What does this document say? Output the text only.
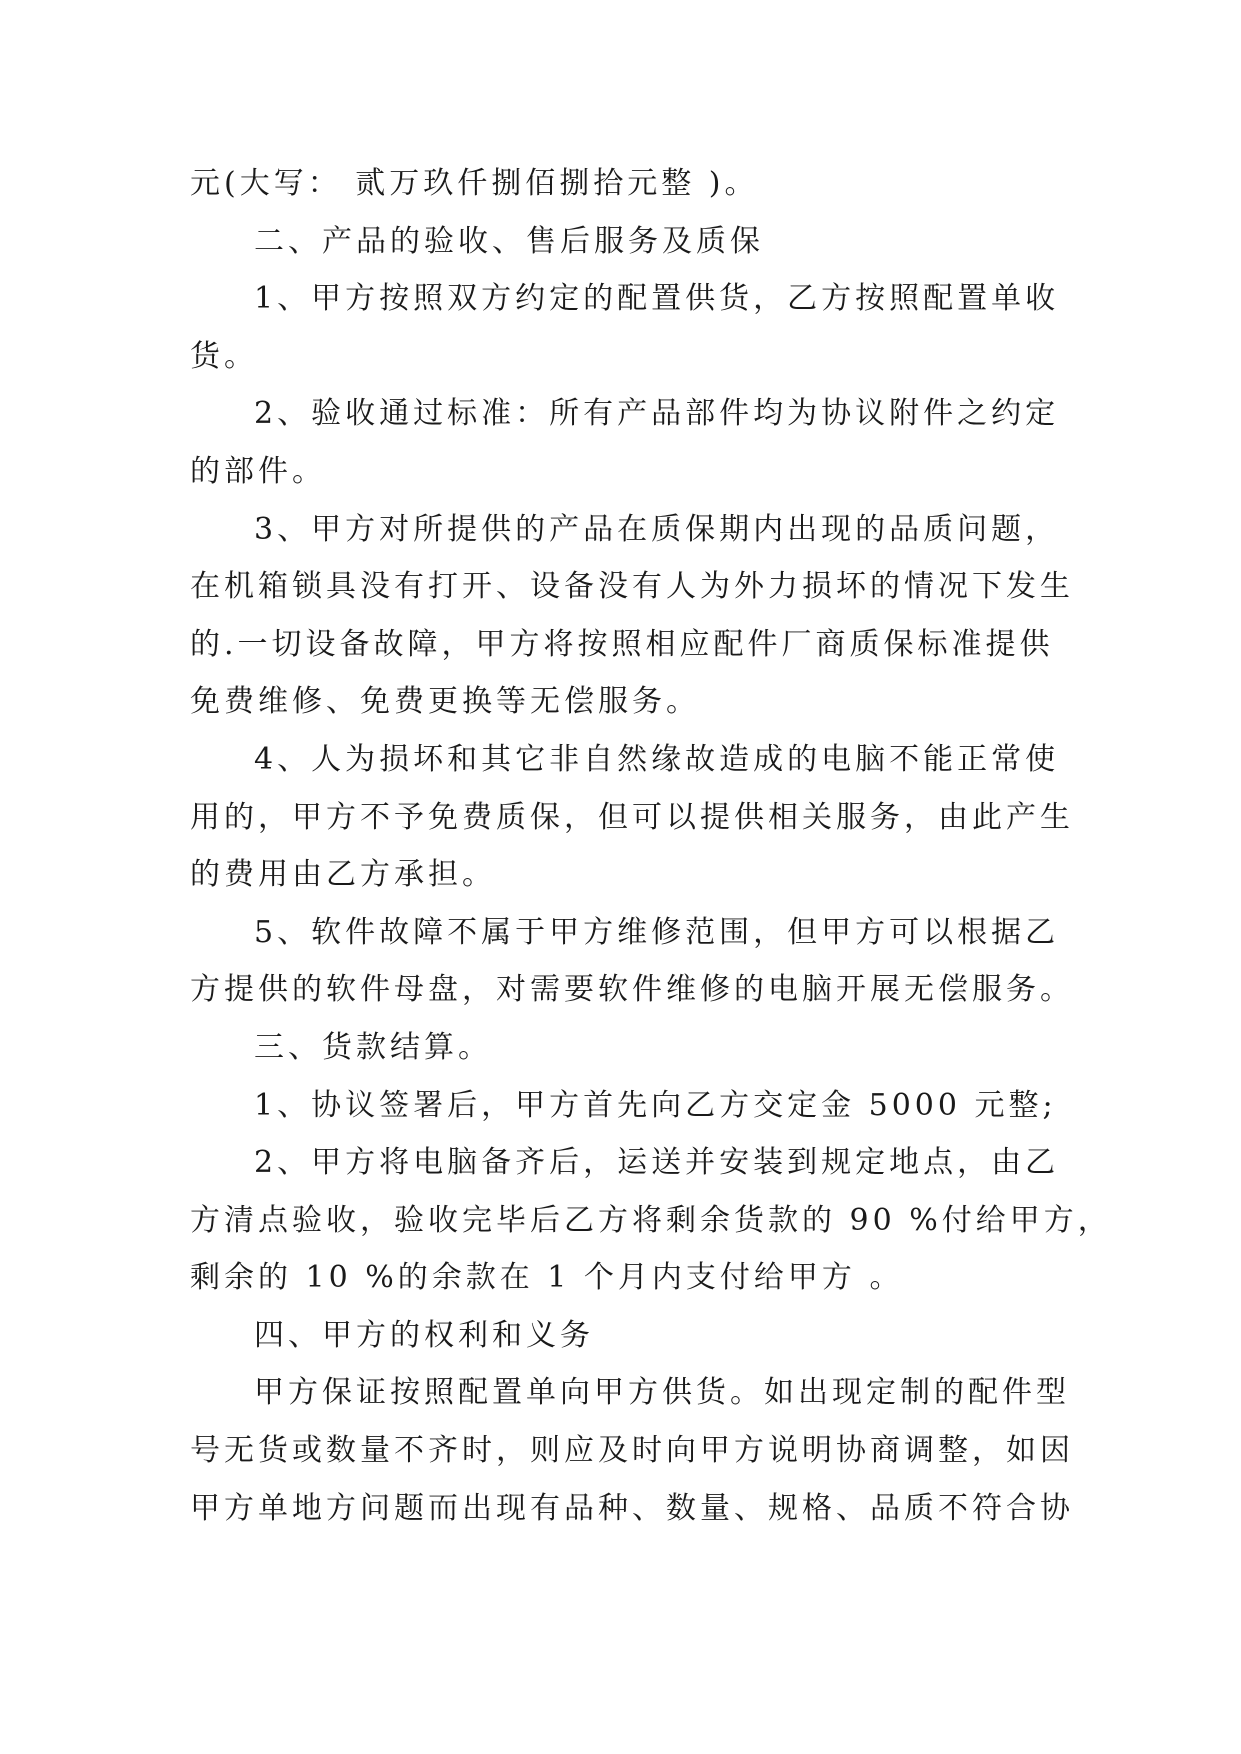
元(大写： 贰万玖仟捌佰捌拾元整 )。
二、产品的验收、售后服务及质保
1、甲方按照双方约定的配置供货，乙方按照配置单收
货。
2、验收通过标准：所有产品部件均为协议附件之约定
的部件。
3、甲方对所提供的产品在质保期内出现的品质问题，
在机箱锁具没有打开、设备没有人为外力损坏的情况下发生
的.一切设备故障，甲方将按照相应配件厂商质保标准提供
免费维修、免费更换等无偿服务。
4、人为损坏和其它非自然缘故造成的电脑不能正常使
用的，甲方不予免费质保，但可以提供相关服务，由此产生
的费用由乙方承担。
5、软件故障不属于甲方维修范围，但甲方可以根据乙
方提供的软件母盘，对需要软件维修的电脑开展无偿服务。
三、货款结算。
1、协议签署后，甲方首先向乙方交定金 5000 元整;
2、甲方将电脑备齐后，运送并安装到规定地点，由乙
方清点验收，验收完毕后乙方将剩余货款的 90 %付给甲方，
剩余的 10 %的余款在 1 个月内支付给甲方 。
四、甲方的权利和义务
甲方保证按照配置单向甲方供货。如出现定制的配件型
号无货或数量不齐时，则应及时向甲方说明协商调整，如因
甲方单地方问题而出现有品种、数量、规格、品质不符合协
